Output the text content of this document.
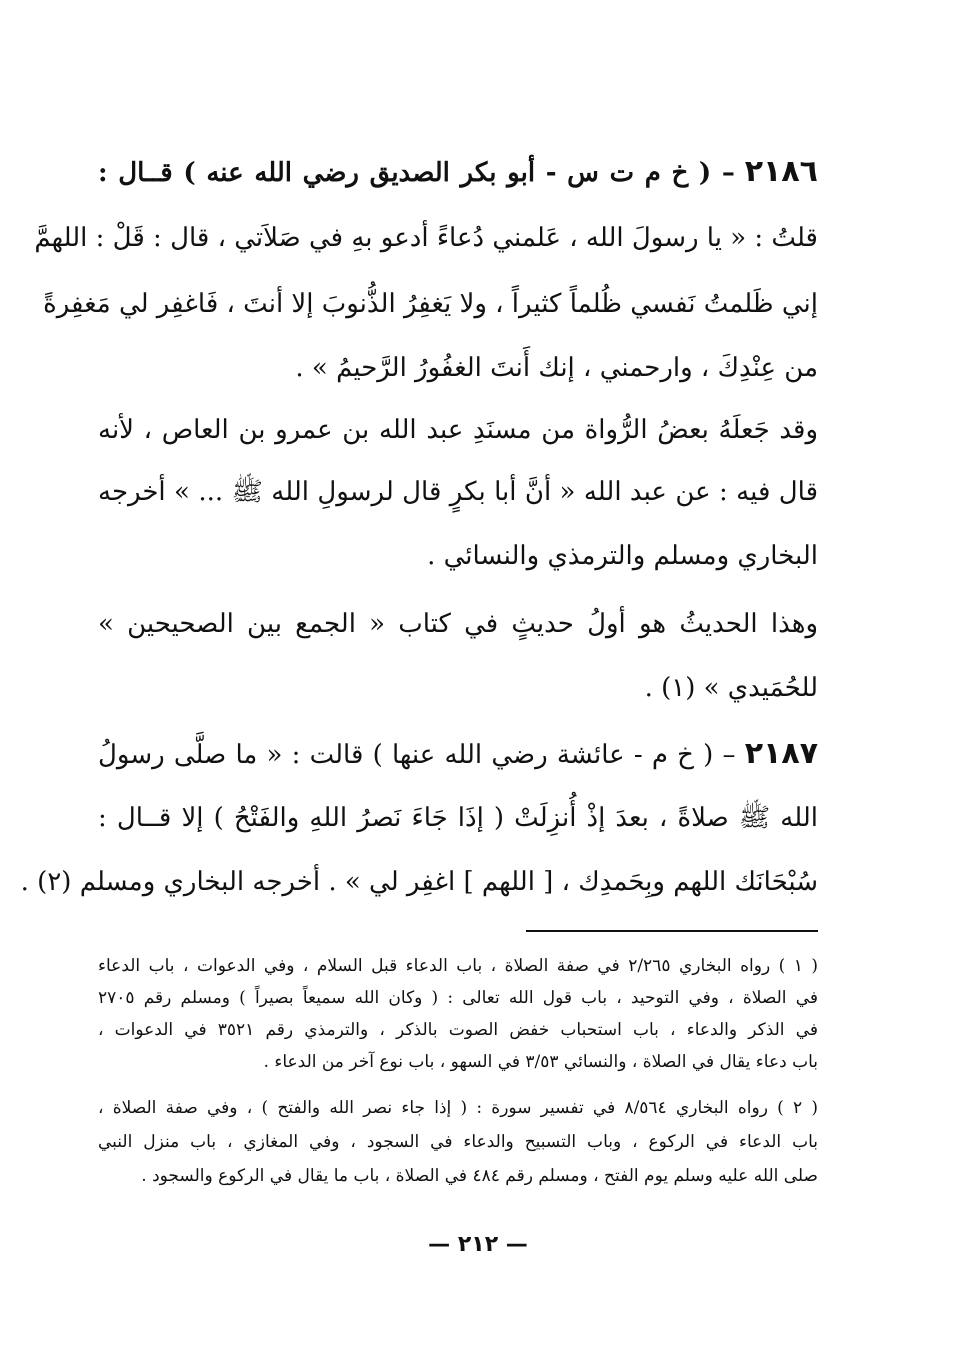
٢١٨٦ – ( خ م ت س - أبو بكر الصديق رضي الله عنه ) قــال :
قلتُ : « يا رسولَ الله ، عَلمني دُعاءً أدعو بهِ في صَلاَتي ، قال : قَلْ : اللهمَّ
إني ظَلمتُ نَفسي ظُلماً كثيراً ، ولا يَغفِرُ الذُّنوبَ إلا أنتَ ، فَاغفِر لي مَغفِرةً
من عِنْدِكَ ، وارحمني ، إنك أَنتَ الغفُورُ الرَّحيمُ » .
وقد جَعلَهُ بعضُ الرُّواة من مسنَدِ عبد الله بن عمرو بن العاص ، لأنه
قال فيه : عن عبد الله « أنَّ أبا بكرٍ قال لرسولِ الله ﷺ ... » أخرجه
البخاري ومسلم والترمذي والنسائي .
وهذا الحديثُ هو أولُ حديثٍ في كتاب « الجمع بين الصحيحين »
للحُمَيدي » (١) .
٢١٨٧ – ( خ م - عائشة رضي الله عنها ) قالت : « ما صلَّى رسولُ
الله ﷺ صلاةً ، بعدَ إذْ أُنزِلَتْ ( إذَا جَاءَ نَصرُ اللهِ والفَتْحُ ) إلا قــال :
سُبْحَانَك اللهم وبِحَمدِك ، [ اللهم ] اغفِر لي » . أخرجه البخاري ومسلم (٢) .
( ١ ) رواه البخاري ٢/٢٦٥ في صفة الصلاة ، باب الدعاء قبل السلام ، وفي الدعوات ، باب الدعاء
في الصلاة ، وفي التوحيد ، باب قول الله تعالى : ( وكان الله سميعاً بصيراً ) ومسلم رقم ٢٧٠٥
في الذكر والدعاء ، باب استحباب خفض الصوت بالذكر ، والترمذي رقم ٣٥٢١ في الدعوات ،
باب دعاء يقال في الصلاة ، والنسائي ٣/٥٣ في السهو ، باب نوع آخر من الدعاء .
( ٢ ) رواه البخاري ٨/٥٦٤ في تفسير سورة : ( إذا جاء نصر الله والفتح ) ، وفي صفة الصلاة ،
باب الدعاء في الركوع ، وباب التسبيح والدعاء في السجود ، وفي المغازي ، باب منزل النبي
صلى الله عليه وسلم يوم الفتح ، ومسلم رقم ٤٨٤ في الصلاة ، باب ما يقال في الركوع والسجود .
— ٢١٢ —
